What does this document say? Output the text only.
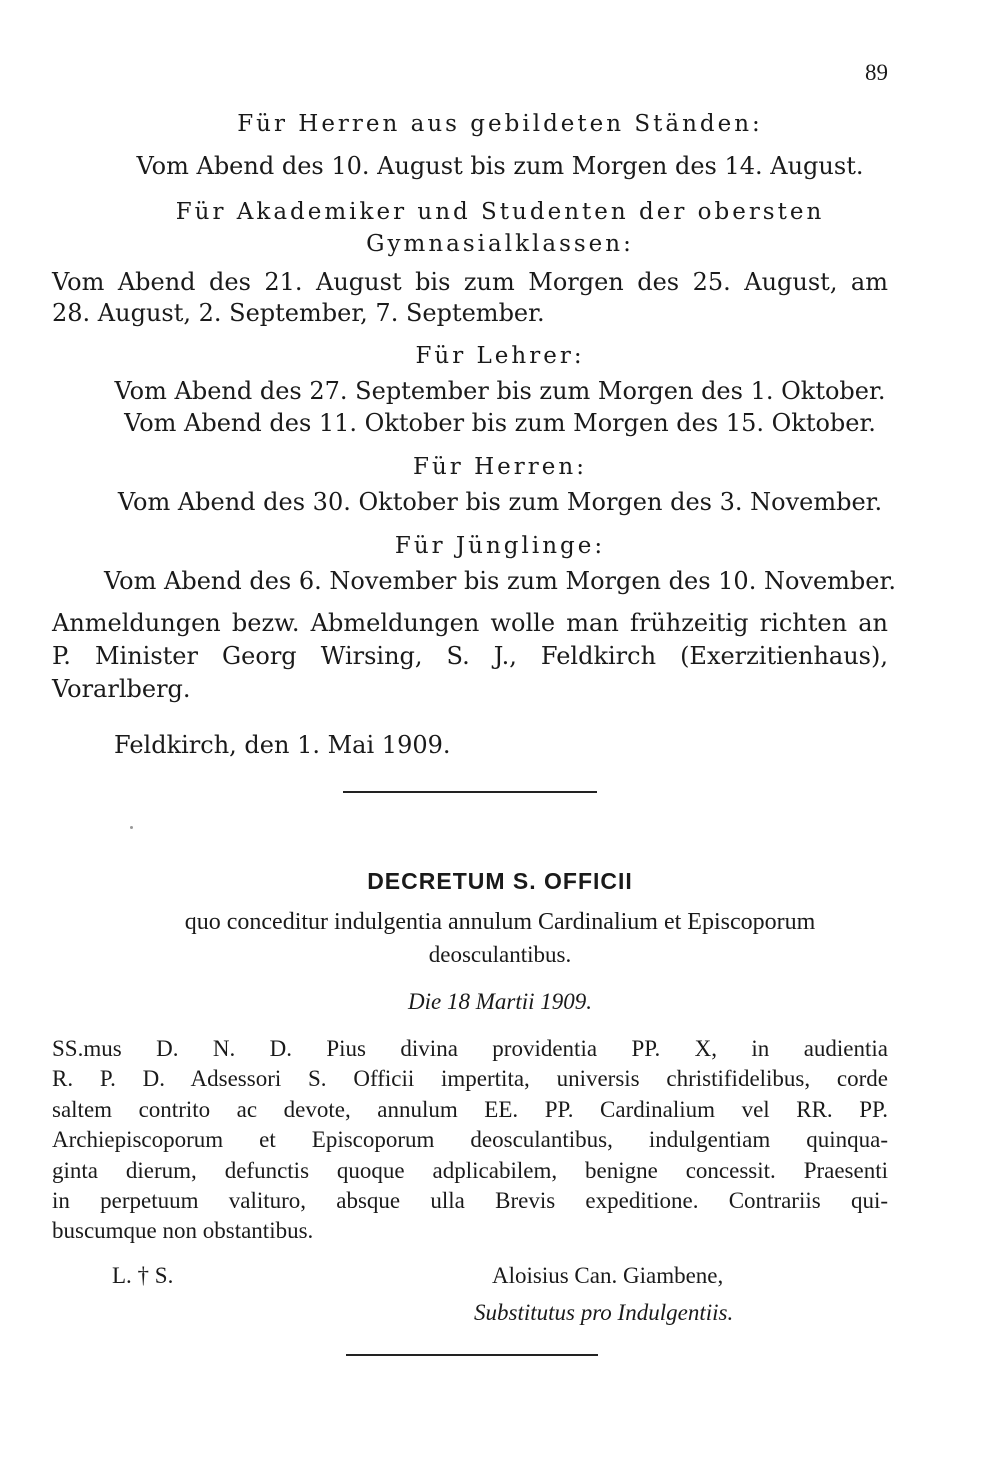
89
Für Herren aus gebildeten Ständen:
Vom Abend des 10. August bis zum Morgen des 14. August.
Für Akademiker und Studenten der obersten
Gymnasialklassen:
Vom Abend des 21. August bis zum Morgen des 25. August, am
28. August, 2. September, 7. September.
Für Lehrer:
Vom Abend des 27. September bis zum Morgen des 1. Oktober.
Vom Abend des 11. Oktober bis zum Morgen des 15. Oktober.
Für Herren:
Vom Abend des 30. Oktober bis zum Morgen des 3. November.
Für Jünglinge:
Vom Abend des 6. November bis zum Morgen des 10. November.
Anmeldungen bezw. Abmeldungen wolle man frühzeitig richten an
P. Minister Georg Wirsing, S. J., Feldkirch (Exerzitienhaus),
Vorarlberg.
Feldkirch, den 1. Mai 1909.
DECRETUM S. OFFICII
quo conceditur indulgentia annulum Cardinalium et Episcoporum
deosculantibus.
Die 18 Martii 1909.
SS.mus D. N. D. Pius divina providentia PP. X, in audientia
R. P. D. Adsessori S. Officii impertita, universis christifidelibus, corde
saltem contrito ac devote, annulum EE. PP. Cardinalium vel RR. PP.
Archiepiscoporum et Episcoporum deosculantibus, indulgentiam quinqua-
ginta dierum, defunctis quoque adplicabilem, benigne concessit. Praesenti
in perpetuum valituro, absque ulla Brevis expeditione. Contrariis qui-
buscumque non obstantibus.
L. † S.	Aloisius Can. Giambene,
Substitutus pro Indulgentiis.
